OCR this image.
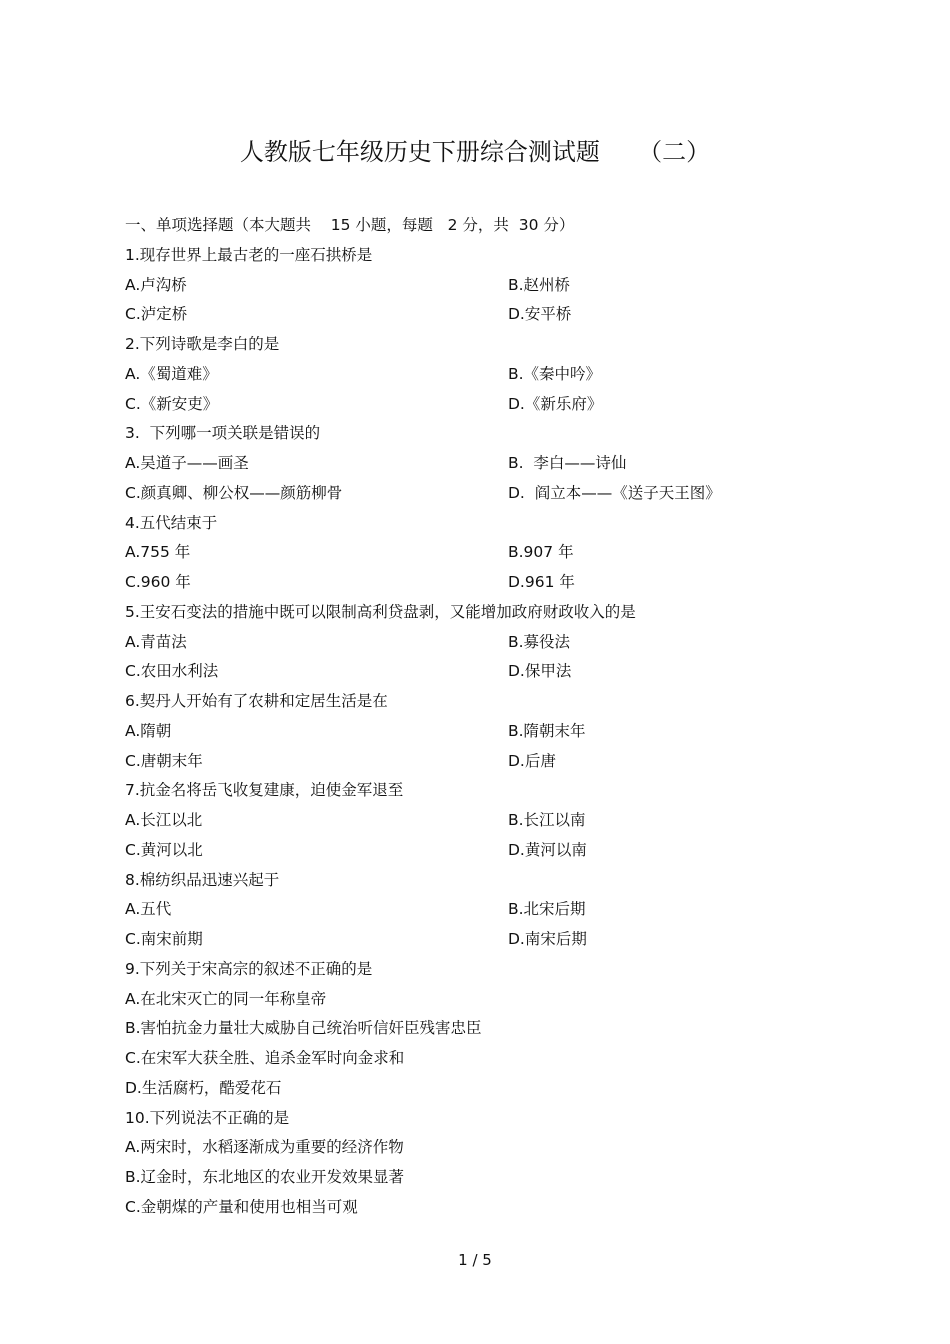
人教版七年级历史下册综合测试题     （二）
一、单项选择题（本大题共    15 小题，每题   2 分，共  30 分）
1.现存世界上最古老的一座石拱桥是
A.卢沟桥	B.赵州桥
C.泸定桥	D.安平桥
2.下列诗歌是李白的是
A.《蜀道难》	B.《秦中吟》
C.《新安吏》	D.《新乐府》
3.  下列哪一项关联是错误的
A.吴道子——画圣	B.  李白——诗仙
C.颜真卿、柳公权——颜筋柳骨	D.  阎立本——《送子天王图》
4.五代结束于
A.755 年	B.907 年
C.960 年	D.961 年
5.王安石变法的措施中既可以限制高利贷盘剥，又能增加政府财政收入的是
A.青苗法	B.募役法
C.农田水利法	D.保甲法
6.契丹人开始有了农耕和定居生活是在
A.隋朝	B.隋朝末年
C.唐朝末年	D.后唐
7.抗金名将岳飞收复建康，迫使金军退至
A.长江以北	B.长江以南
C.黄河以北	D.黄河以南
8.棉纺织品迅速兴起于
A.五代	B.北宋后期
C.南宋前期	D.南宋后期
9.下列关于宋高宗的叙述不正确的是
A.在北宋灭亡的同一年称皇帝
B.害怕抗金力量壮大威胁自己统治听信奸臣残害忠臣
C.在宋军大获全胜、追杀金军时向金求和
D.生活腐朽，酷爱花石
10.下列说法不正确的是
A.两宋时，水稻逐渐成为重要的经济作物
B.辽金时，东北地区的农业开发效果显著
C.金朝煤的产量和使用也相当可观
1 / 5
